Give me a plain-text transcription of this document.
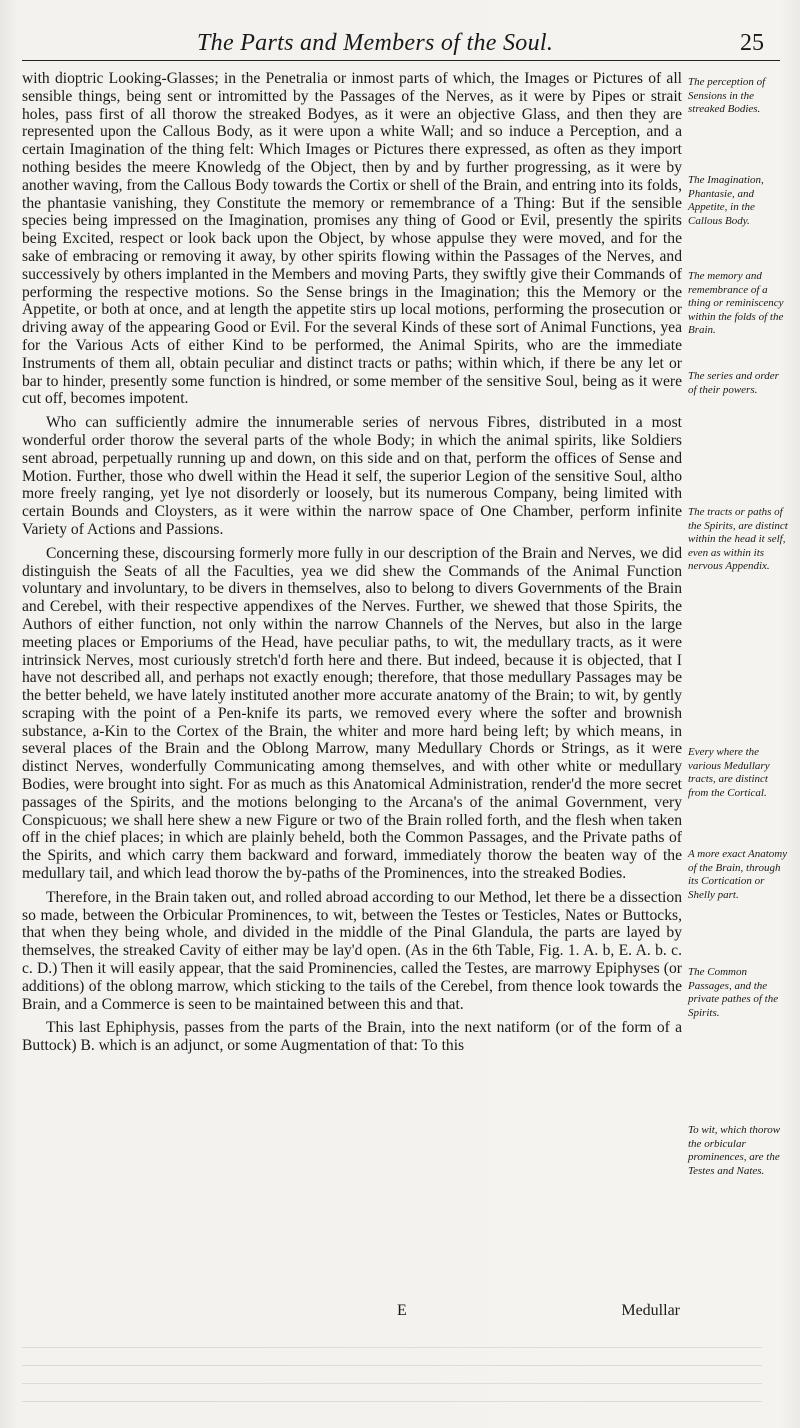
The Parts and Members of the Soul.	25

with dioptric Looking-Glasses; in the Penetralia or inmost parts of which, the Images or Pictures of all sensible things, being sent or intromitted by the Passages of the Nerves, as it were by Pipes or strait holes, pass first of all thorow the streaked Bodyes, as it were an objective Glass, and then they are represented upon the Callous Body, as it were upon a white Wall; and so induce a Perception, and a certain Imagination of the thing felt: Which Images or Pictures there expressed, as often as they import nothing besides the meere Knowledg of the Object, then by and by further progressing, as it were by another waving, from the Callous Body towards the Cortix or shell of the Brain, and entring into its folds, the phantasie vanishing, they Constitute the memory or remembrance of a Thing: But if the sensible species being impressed on the Imagination, promises any thing of Good or Evil, presently the spirits being Excited, respect or look back upon the Object, by whose appulse they were moved, and for the sake of embracing or removing it away, by other spirits flowing within the Passages of the Nerves, and successively by others implanted in the Members and moving Parts, they swiftly give their Commands of performing the respective motions. So the Sense brings in the Imagination; this the Memory or the Appetite, or both at once, and at length the appetite stirs up local motions, performing the prosecution or driving away of the appearing Good or Evil. For the several Kinds of these sort of Animal Functions, yea for the Various Acts of either Kind to be performed, the Animal Spirits, who are the immediate Instruments of them all, obtain peculiar and distinct tracts or paths; within which, if there be any let or bar to hinder, presently some function is hindred, or some member of the sensitive Soul, being as it were cut off, becomes impotent.

Who can sufficiently admire the innumerable series of nervous Fibres, distributed in a most wonderful order thorow the several parts of the whole Body; in which the animal spirits, like Soldiers sent abroad, perpetually running up and down, on this side and on that, perform the offices of Sense and Motion. Further, those who dwell within the Head it self, the superior Legion of the sensitive Soul, altho more freely ranging, yet lye not disorderly or loosely, but its numerous Company, being limited with certain Bounds and Cloysters, as it were within the narrow space of One Chamber, perform infinite Variety of Actions and Passions.

Concerning these, discoursing formerly more fully in our description of the Brain and Nerves, we did distinguish the Seats of all the Faculties, yea we did shew the Commands of the Animal Function voluntary and involuntary, to be divers in themselves, also to belong to divers Governments of the Brain and Cerebel, with their respective appendixes of the Nerves. Further, we shewed that those Spirits, the Authors of either function, not only within the narrow Channels of the Nerves, but also in the large meeting places or Emporiums of the Head, have peculiar paths, to wit, the medullary tracts, as it were intrinsick Nerves, most curiously stretch'd forth here and there. But indeed, because it is objected, that I have not described all, and perhaps not exactly enough; therefore, that those medullary Passages may be the better beheld, we have lately instituted another more accurate anatomy of the Brain; to wit, by gently scraping with the point of a Pen-knife its parts, we removed every where the softer and brownish substance, a-Kin to the Cortex of the Brain, the whiter and more hard being left; by which means, in several places of the Brain and the Oblong Marrow, many Medullary Chords or Strings, as it were distinct Nerves, wonderfully Communicating among themselves, and with other white or medullary Bodies, were brought into sight. For as much as this Anatomical Administration, render'd the more secret passages of the Spirits, and the motions belonging to the Arcana's of the animal Government, very Conspicuous; we shall here shew a new Figure or two of the Brain rolled forth, and the flesh when taken off in the chief places; in which are plainly beheld, both the Common Passages, and the Private paths of the Spirits, and which carry them backward and forward, immediately thorow the beaten way of the medullary tail, and which lead thorow the by-paths of the Prominences, into the streaked Bodies.

Therefore, in the Brain taken out, and rolled abroad according to our Method, let there be a dissection so made, between the Orbicular Prominences, to wit, between the Testes or Testicles, Nates or Buttocks, that when they being whole, and divided in the middle of the Pinal Glandula, the parts are layed by themselves, the streaked Cavity of either may be lay'd open. (As in the 6th Table, Fig. 1. A. b, E. A. b. c. c. D.) Then it will easily appear, that the said Prominencies, called the Testes, are marrowy Epiphyses (or additions) of the oblong marrow, which sticking to the tails of the Cerebel, from thence look towards the Brain, and a Commerce is seen to be maintained between this and that.

This last Ephiphysis, passes from the parts of the Brain, into the next natiform (or of the form of a Buttock) B. which is an adjunct, or some Augmentation of that: To this

The perception of Sensions in the streaked Bodies.
The Imagination, Phantasie, and Appetite, in the Callous Body.
The memory and remembrance of a thing or reminiscency within the folds of the Brain.
The series and order of their powers.
The tracts or paths of the Spirits, are distinct within the head it self, even as within its nervous Appendix.
Every where the various Medullary tracts, are distinct from the Cortical.
A more exact Anatomy of the Brain, through its Cortication or Shelly part.
The Common Passages, and the private pathes of the Spirits.
To wit, which thorow the orbicular prominences, are the Testes and Nates.
E	Medullar
